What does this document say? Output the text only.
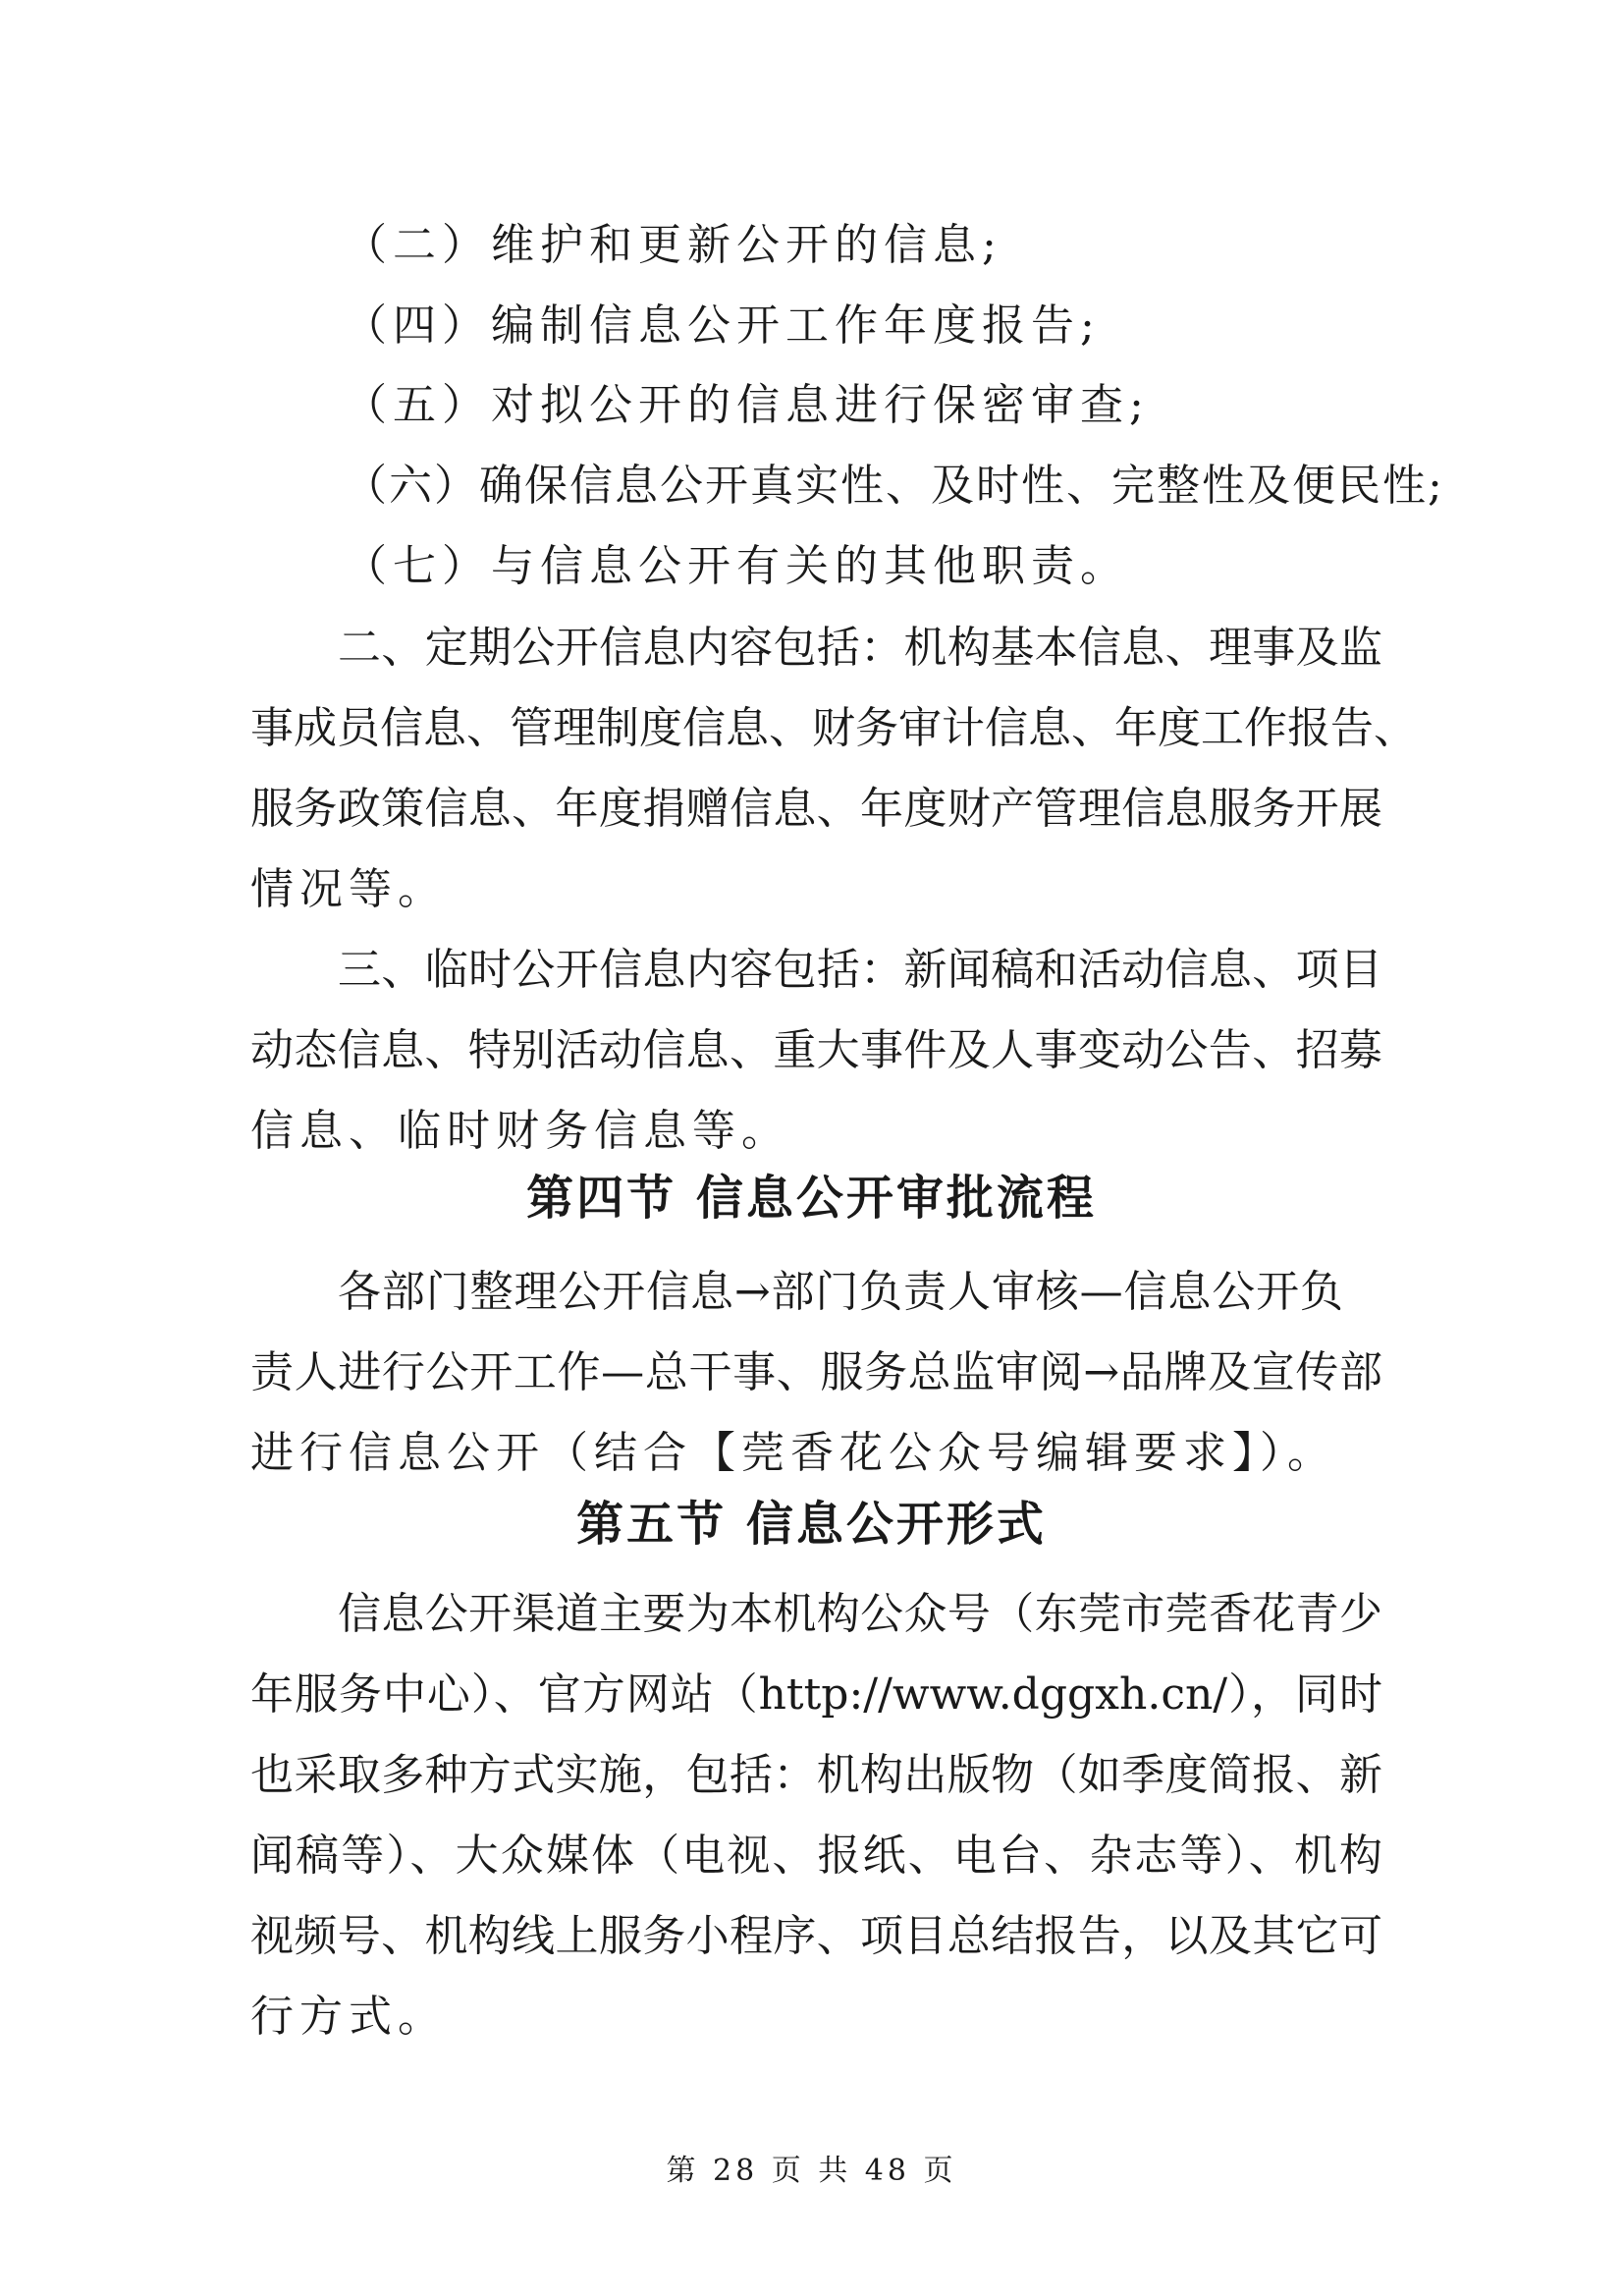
（二）维护和更新公开的信息;
（四）编制信息公开工作年度报告;
（五）对拟公开的信息进行保密审查;
（六）确保信息公开真实性、及时性、完整性及便民性;
（七）与信息公开有关的其他职责。
二、定期公开信息内容包括：机构基本信息、理事及监
事成员信息、管理制度信息、财务审计信息、年度工作报告、
服务政策信息、年度捐赠信息、年度财产管理信息服务开展
情况等。
三、临时公开信息内容包括：新闻稿和活动信息、项目
动态信息、特别活动信息、重大事件及人事变动公告、招募
信息、临时财务信息等。
第四节 信息公开审批流程
各部门整理公开信息→部门负责人审核—信息公开负
责人进行公开工作—总干事、服务总监审阅→品牌及宣传部
进行信息公开（结合【莞香花公众号编辑要求】）。
第五节 信息公开形式
信息公开渠道主要为本机构公众号（东莞市莞香花青少
年服务中心）、官方网站（http://www.dggxh.cn/），同时
也采取多种方式实施，包括：机构出版物（如季度简报、新
闻稿等）、大众媒体（电视、报纸、电台、杂志等）、机构
视频号、机构线上服务小程序、项目总结报告，以及其它可
行方式。
第 28 页 共 48 页
